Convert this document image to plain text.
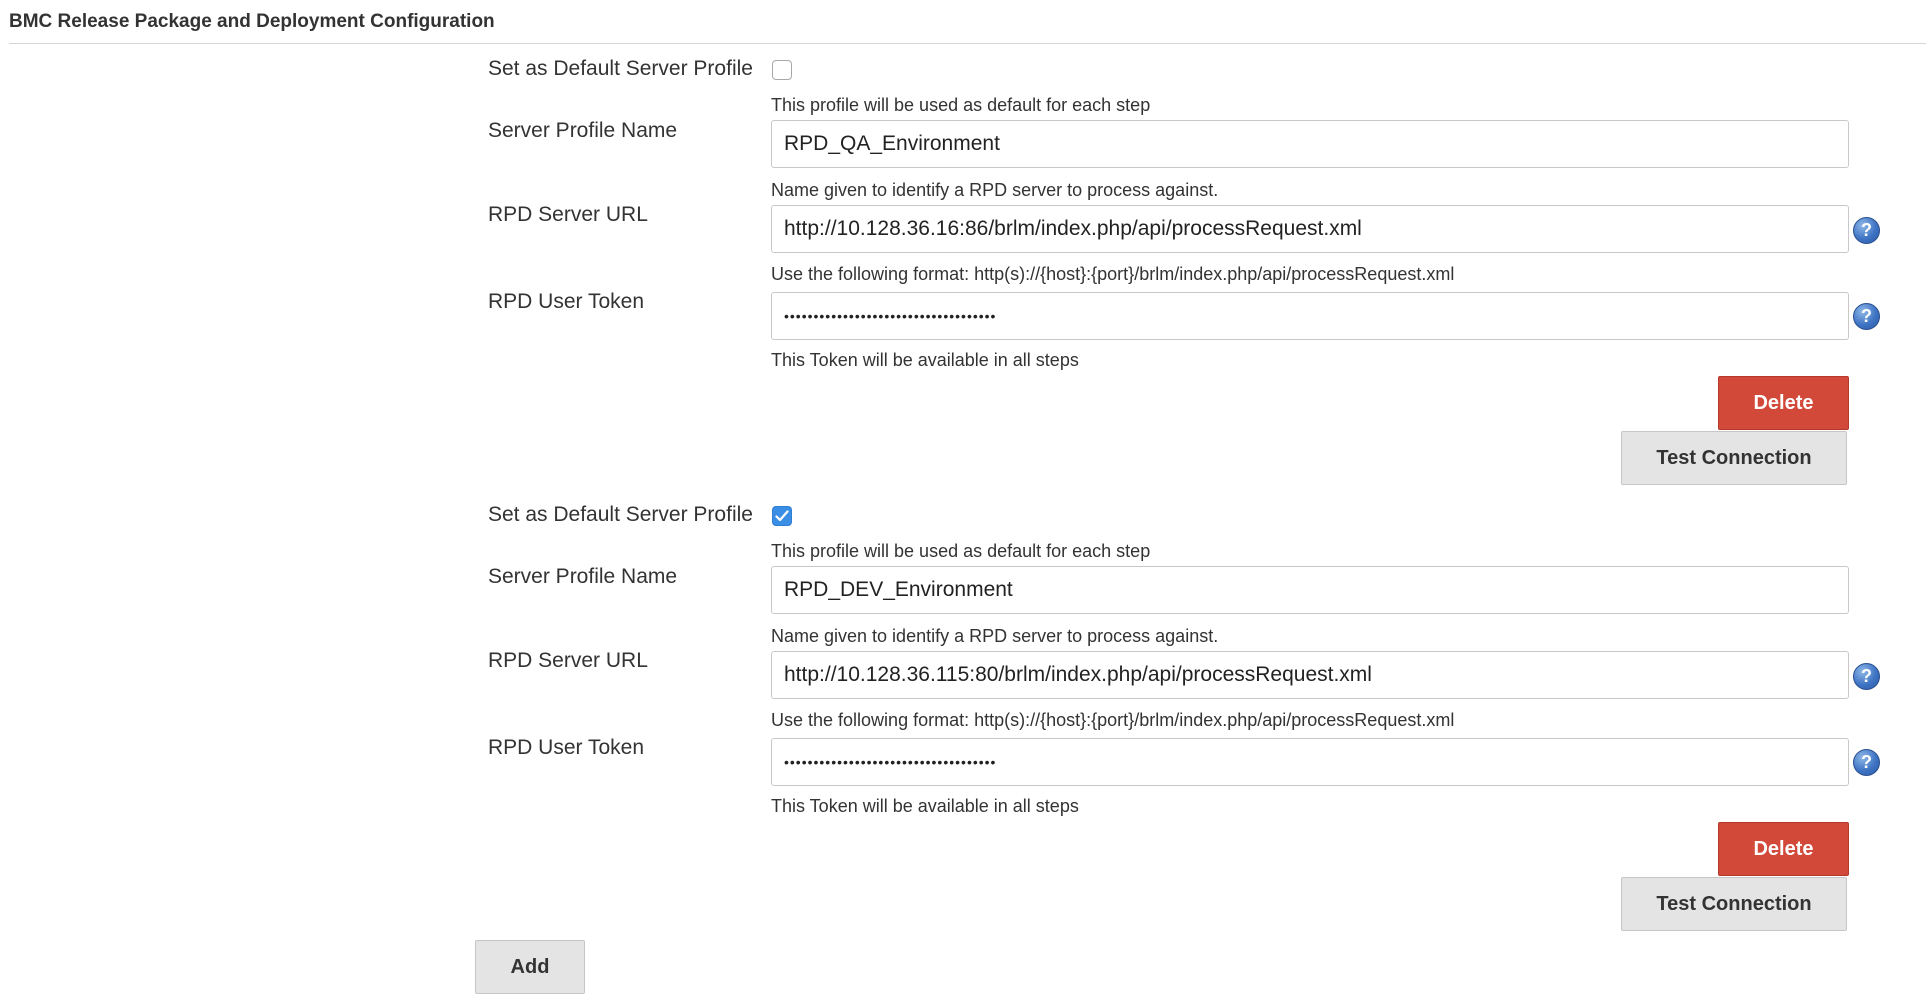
BMC Release Package and Deployment Configuration
Set as Default Server Profile
This profile will be used as default for each step
Server Profile Name
RPD_QA_Environment
Name given to identify a RPD server to process against.
RPD Server URL
http://10.128.36.16:86/brlm/index.php/api/processRequest.xml
?
Use the following format: http(s)://{host}:{port}/brlm/index.php/api/processRequest.xml
RPD User Token
••••••••••••••••••••••••••••••••••••
?
This Token will be available in all steps
Delete
Test Connection
Set as Default Server Profile
This profile will be used as default for each step
Server Profile Name
RPD_DEV_Environment
Name given to identify a RPD server to process against.
RPD Server URL
http://10.128.36.115:80/brlm/index.php/api/processRequest.xml
?
Use the following format: http(s)://{host}:{port}/brlm/index.php/api/processRequest.xml
RPD User Token
••••••••••••••••••••••••••••••••••••
?
This Token will be available in all steps
Delete
Test Connection
Add
